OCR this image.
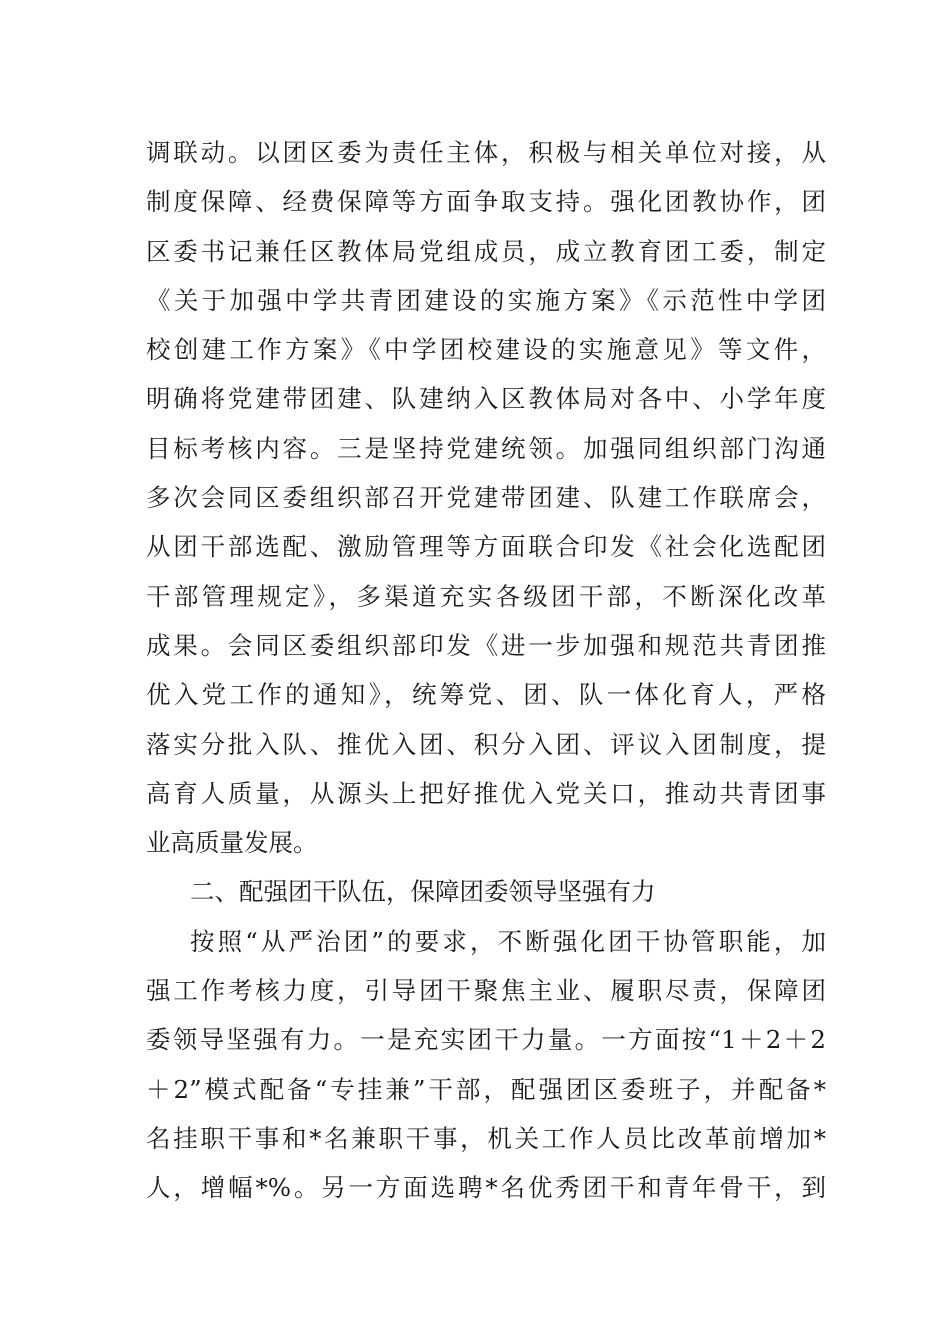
调联动。以团区委为责任主体，积极与相关单位对接，从
制度保障、经费保障等方面争取支持。强化团教协作，团
区委书记兼任区教体局党组成员，成立教育团工委，制定
《关于加强中学共青团建设的实施方案》《示范性中学团
校创建工作方案》《中学团校建设的实施意见》等文件，
明确将党建带团建、队建纳入区教体局对各中、小学年度
目标考核内容。三是坚持党建统领。加强同组织部门沟通
多次会同区委组织部召开党建带团建、队建工作联席会，
从团干部选配、激励管理等方面联合印发《社会化选配团
干部管理规定》，多渠道充实各级团干部，不断深化改革
成果。会同区委组织部印发《进一步加强和规范共青团推
优入党工作的通知》，统筹党、团、队一体化育人，严格
落实分批入队、推优入团、积分入团、评议入团制度，提
高育人质量，从源头上把好推优入党关口，推动共青团事
业高质量发展。
二、配强团干队伍，保障团委领导坚强有力
按照“从严治团”的要求，不断强化团干协管职能，加
强工作考核力度，引导团干聚焦主业、履职尽责，保障团
委领导坚强有力。一是充实团干力量。一方面按“1＋2＋2
＋2”模式配备“专挂兼”干部，配强团区委班子，并配备*
名挂职干事和*名兼职干事，机关工作人员比改革前增加*
人，增幅*%。另一方面选聘*名优秀团干和青年骨干，到
